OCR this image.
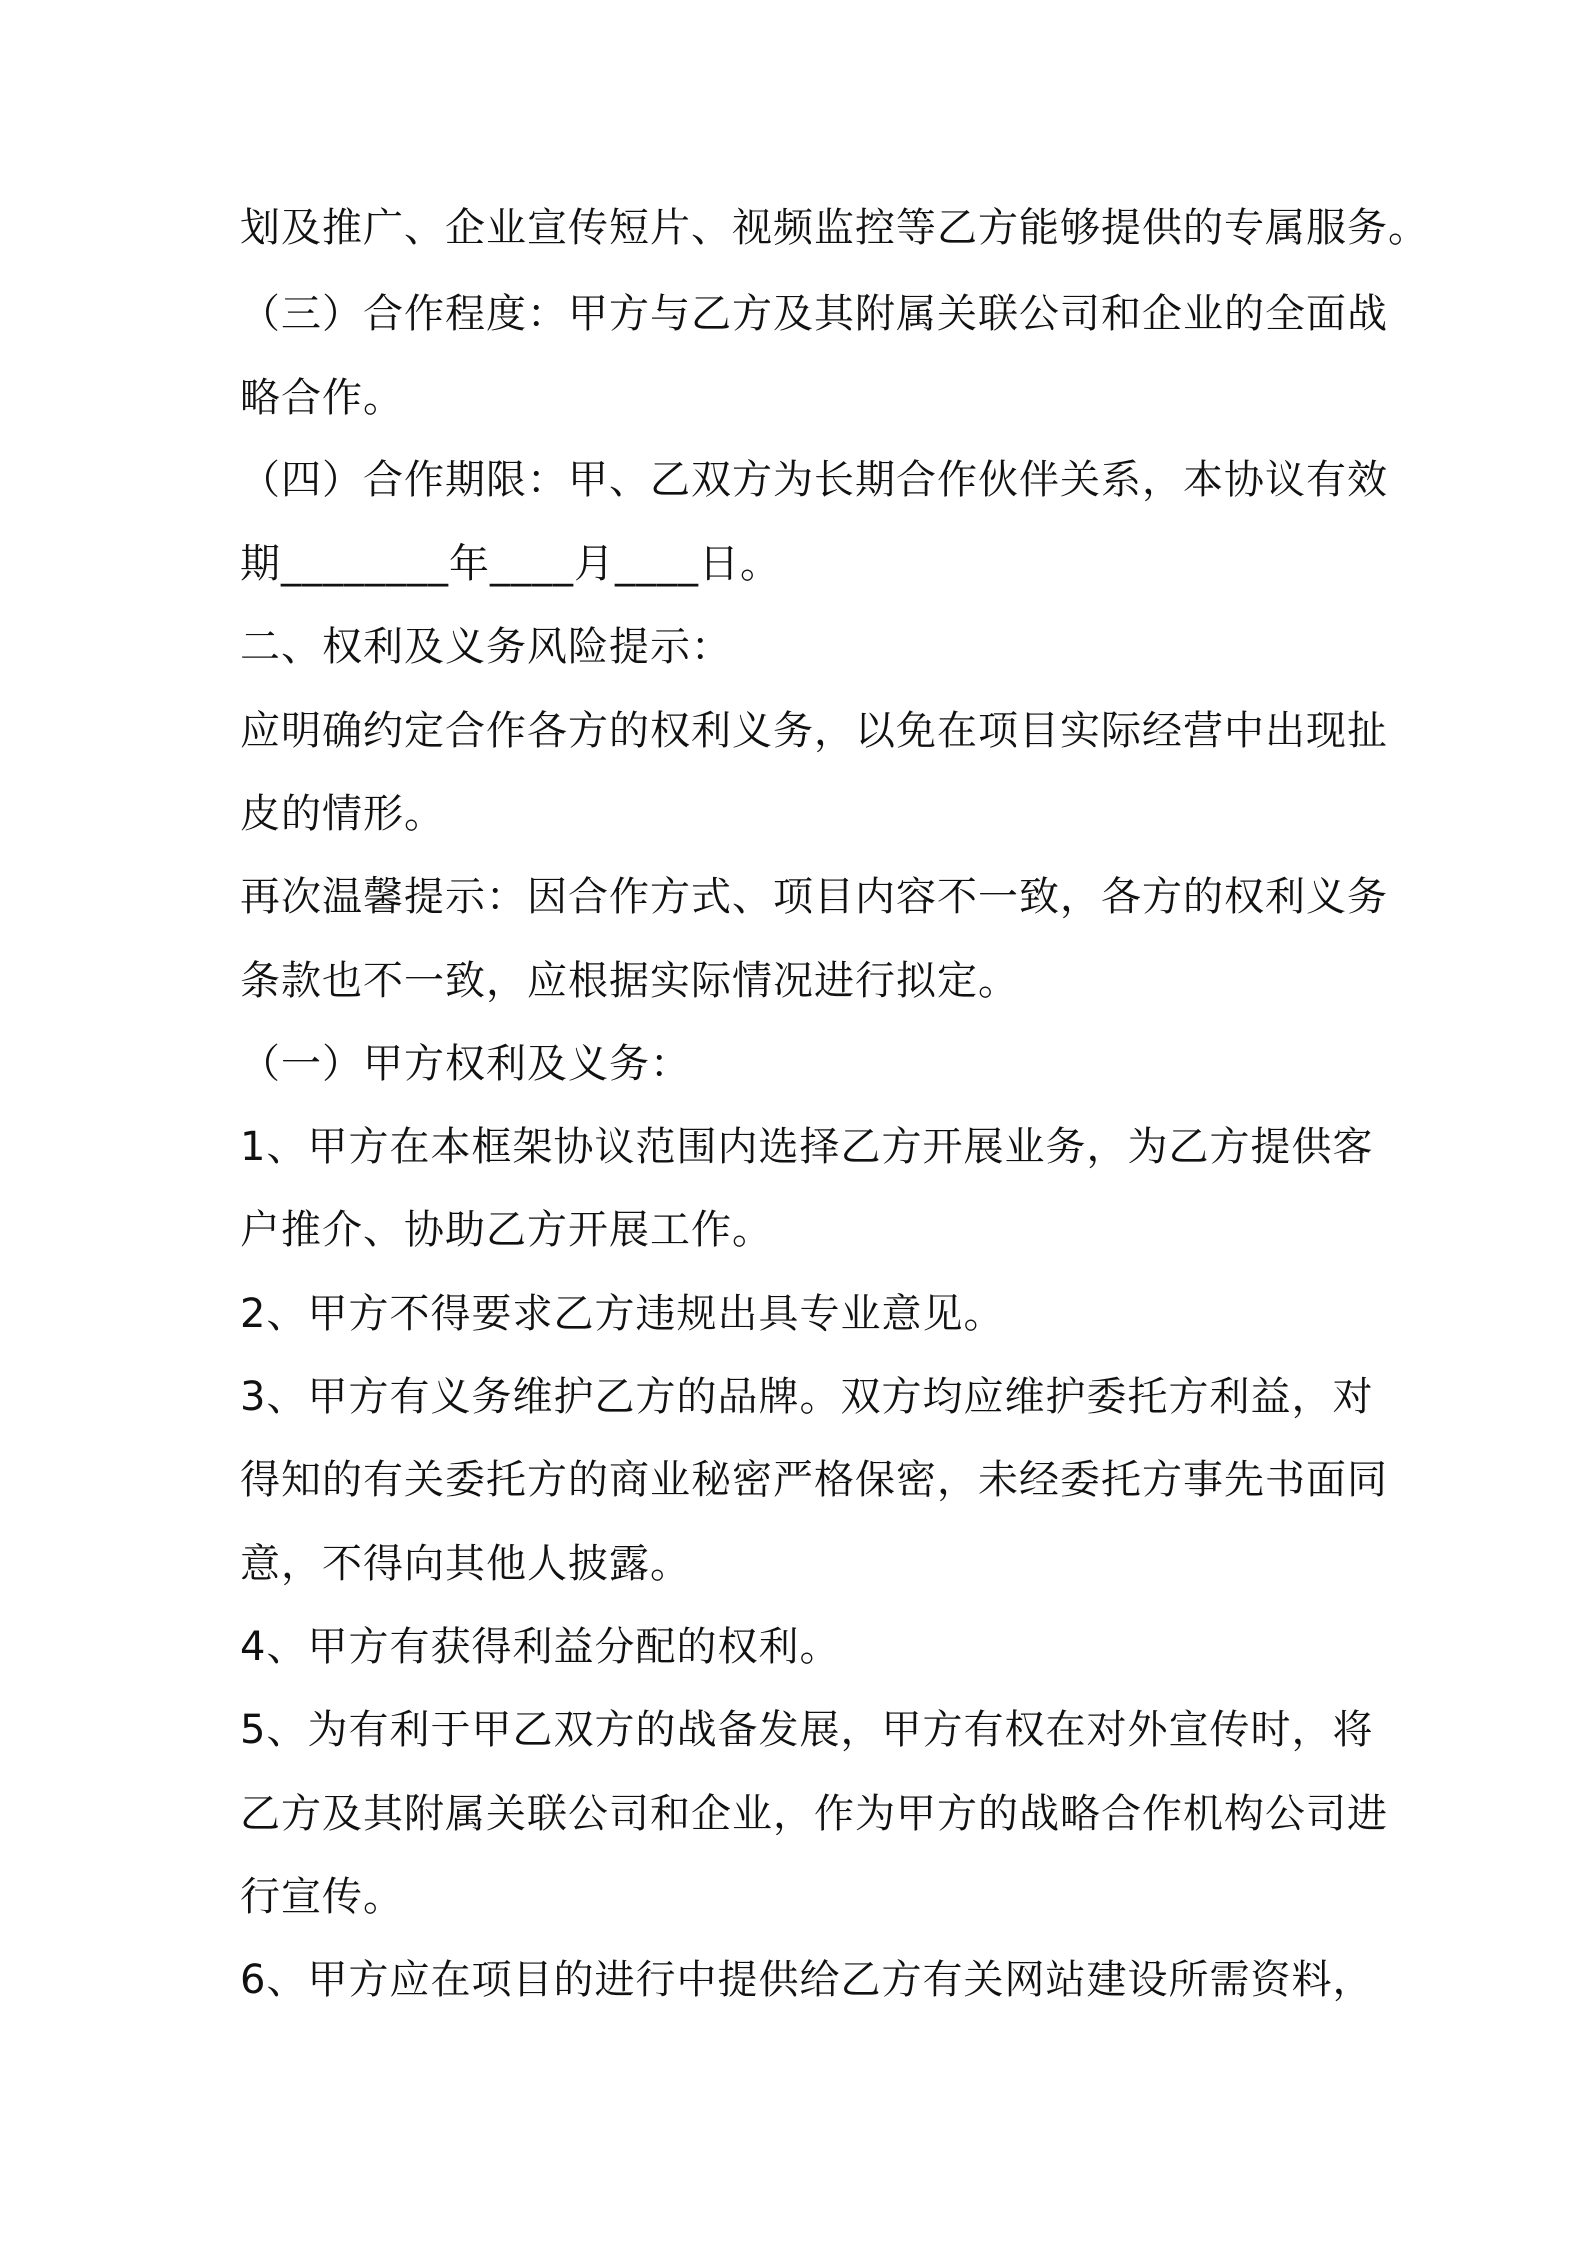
划及推广、企业宣传短片、视频监控等乙方能够提供的专属服务。
（三）合作程度：甲方与乙方及其附属关联公司和企业的全面战
略合作。
（四）合作期限：甲、乙双方为长期合作伙伴关系，本协议有效
期________年____月____日。
二、权利及义务风险提示：
应明确约定合作各方的权利义务，以免在项目实际经营中出现扯
皮的情形。
再次温馨提示：因合作方式、项目内容不一致，各方的权利义务
条款也不一致，应根据实际情况进行拟定。
（一）甲方权利及义务：
1、甲方在本框架协议范围内选择乙方开展业务，为乙方提供客
户推介、协助乙方开展工作。
2、甲方不得要求乙方违规出具专业意见。
3、甲方有义务维护乙方的品牌。双方均应维护委托方利益，对
得知的有关委托方的商业秘密严格保密，未经委托方事先书面同
意，不得向其他人披露。
4、甲方有获得利益分配的权利。
5、为有利于甲乙双方的战备发展，甲方有权在对外宣传时，将
乙方及其附属关联公司和企业，作为甲方的战略合作机构公司进
行宣传。
6、甲方应在项目的进行中提供给乙方有关网站建设所需资料，
